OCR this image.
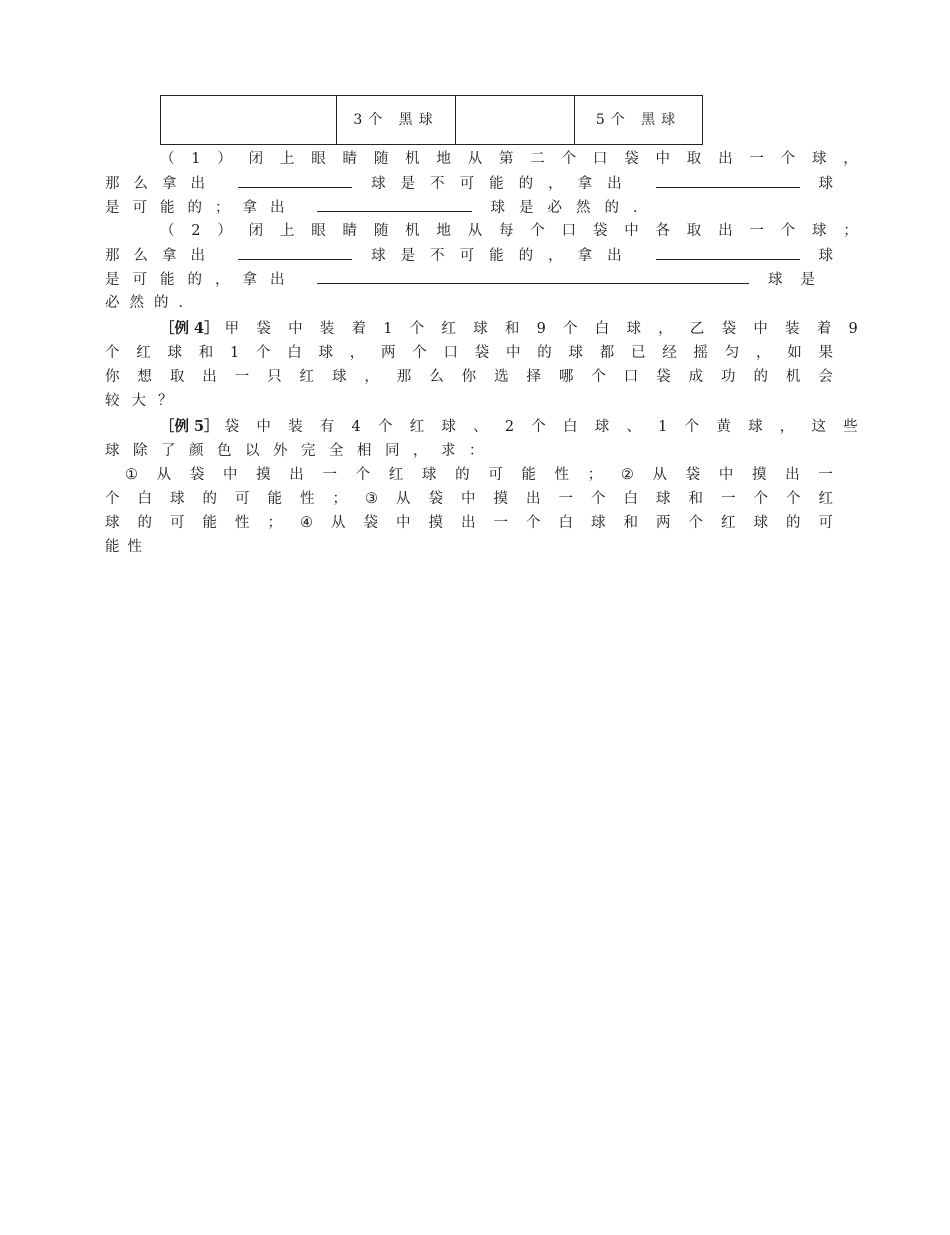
	3个 黑球		5个 黑球
（ 1 ） 闭 上 眼 睛 随 机 地 从 第 二 个 口 袋 中 取 出 一 个 球 ，
那么拿出	球是不可能的，拿出	球
是可能的；拿出	球是必然的．
（ 2 ） 闭 上 眼 睛 随 机 地 从 每 个 口 袋 中 各 取 出 一 个 球 ；
那么拿出	球是不可能的，拿出	球
是可能的，拿出	球是
必然的．
［例 4］ 甲 袋 中 装 着 1 个 红 球 和 9 个 白 球 ， 乙 袋 中 装 着 9
个 红 球 和 1 个 白 球 ， 两 个 口 袋 中 的 球 都 已 经 摇 匀 ， 如 果
你 想 取 出 一 只 红 球 ， 那 么 你 选 择 哪 个 口 袋 成 功 的 机 会
较大？
［例 5］ 袋 中 装 有 4 个 红 球 、 2 个 白 球 、 1 个 黄 球 ， 这 些
球除了颜色以外完全相同，求：
① 从 袋 中 摸 出 一 个 红 球 的 可 能 性 ； ② 从 袋 中 摸 出 一
个 白 球 的 可 能 性 ； ③ 从 袋 中 摸 出 一 个 白 球 和 一 个 个 红
球 的 可 能 性 ； ④ 从 袋 中 摸 出 一 个 白 球 和 两 个 红 球 的 可
能性
